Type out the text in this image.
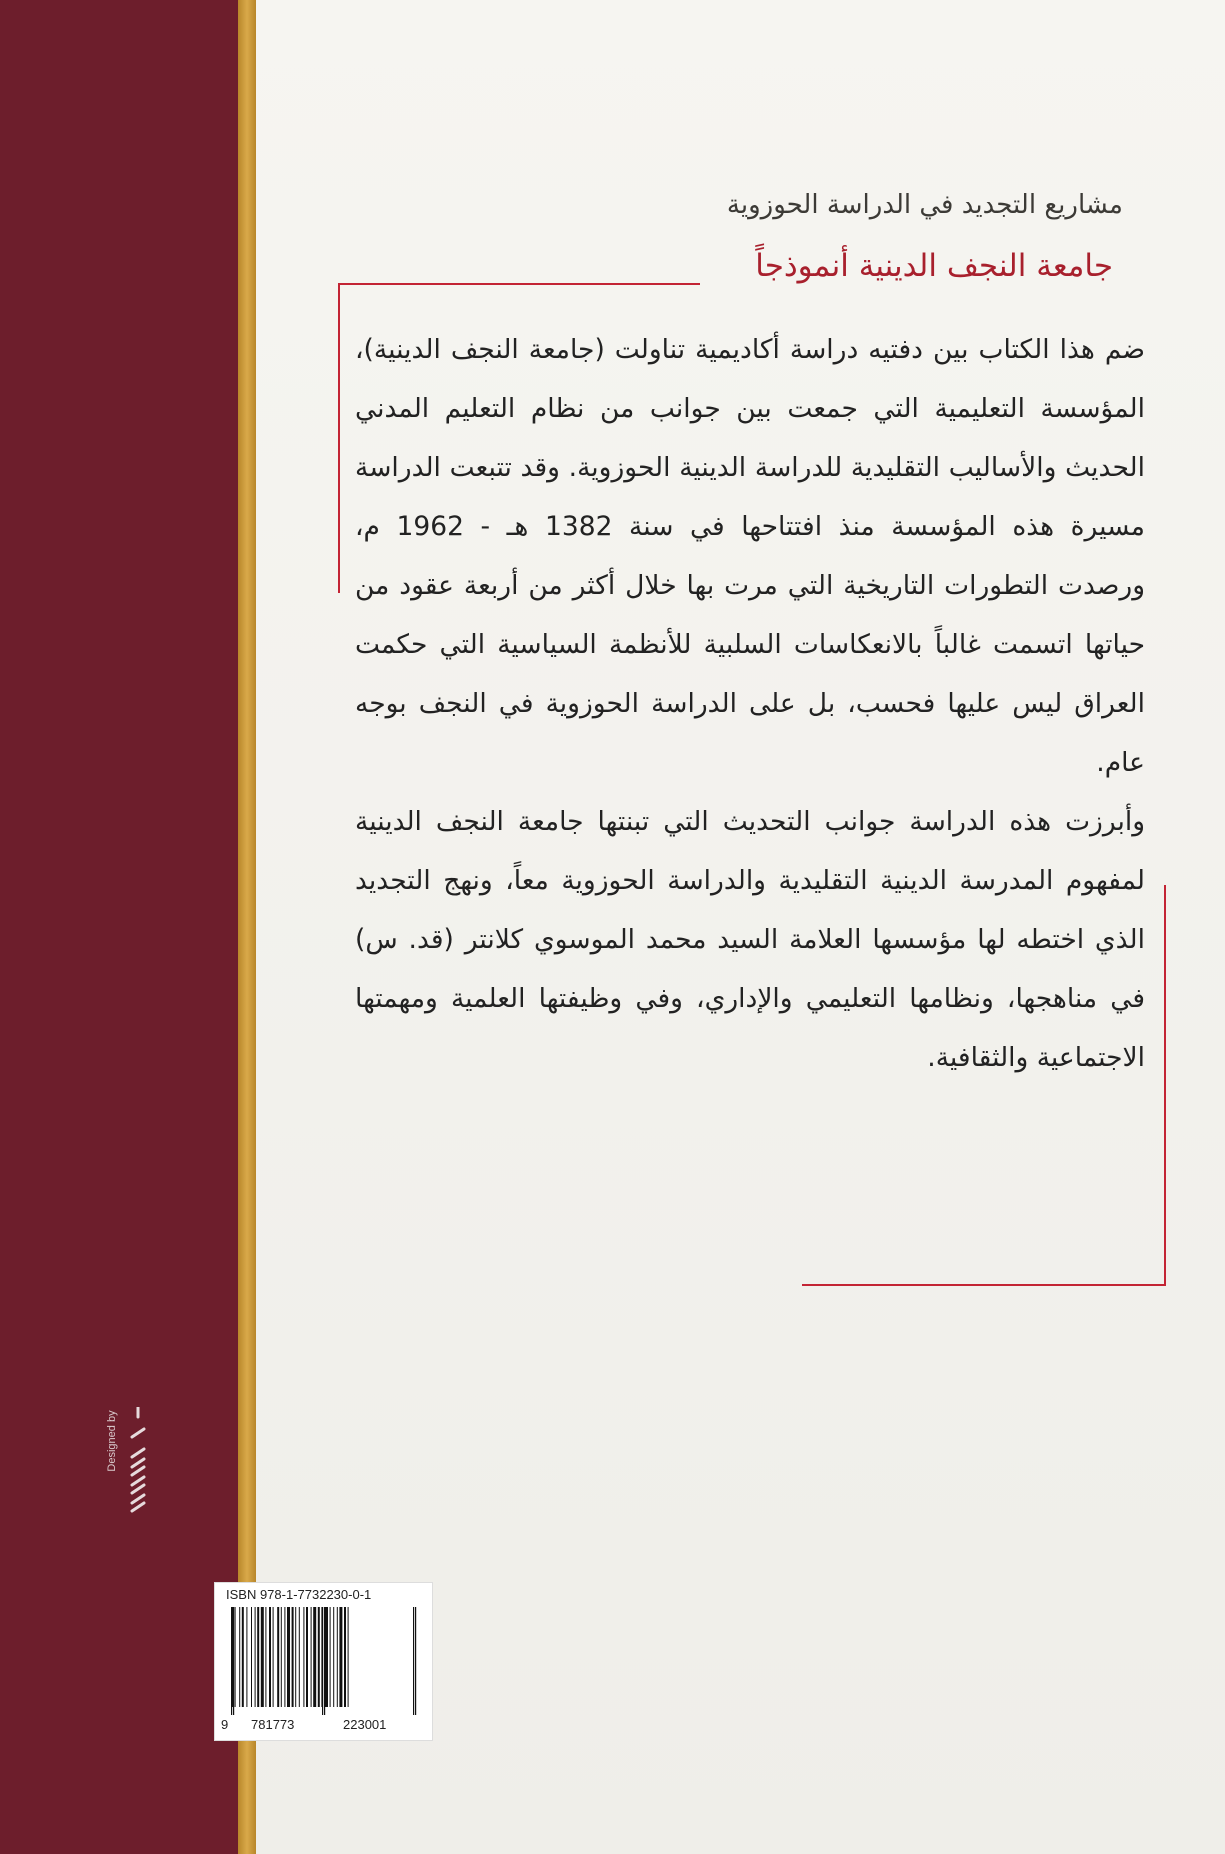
Designed by
مشاريع التجديد في الدراسة الحوزوية
جامعة النجف الدينية أنموذجاً

ضم هذا الكتاب بين دفتيه دراسة أكاديمية تناولت (جامعة النجف الدينية)، المؤسسة التعليمية التي جمعت بين جوانب من نظام التعليم المدني الحديث والأساليب التقليدية للدراسة الدينية الحوزوية. وقد تتبعت الدراسة مسيرة هذه المؤسسة منذ افتتاحها في سنة 1382 هـ - 1962 م، ورصدت التطورات التاريخية التي مرت بها خلال أكثر من أربعة عقود من حياتها اتسمت غالباً بالانعكاسات السلبية للأنظمة السياسية التي حكمت العراق ليس عليها فحسب، بل على الدراسة الحوزوية في النجف بوجه عام.

وأبرزت هذه الدراسة جوانب التحديث التي تبنتها جامعة النجف الدينية لمفهوم المدرسة الدينية التقليدية والدراسة الحوزوية معاً، ونهج التجديد الذي اختطه لها مؤسسها العلامة السيد محمد الموسوي كلانتر (قد. س) في مناهجها، ونظامها التعليمي والإداري، وفي وظيفتها العلمية ومهمتها الاجتماعية والثقافية.

ISBN 978-1-7732230-0-1
9 781773	223001
